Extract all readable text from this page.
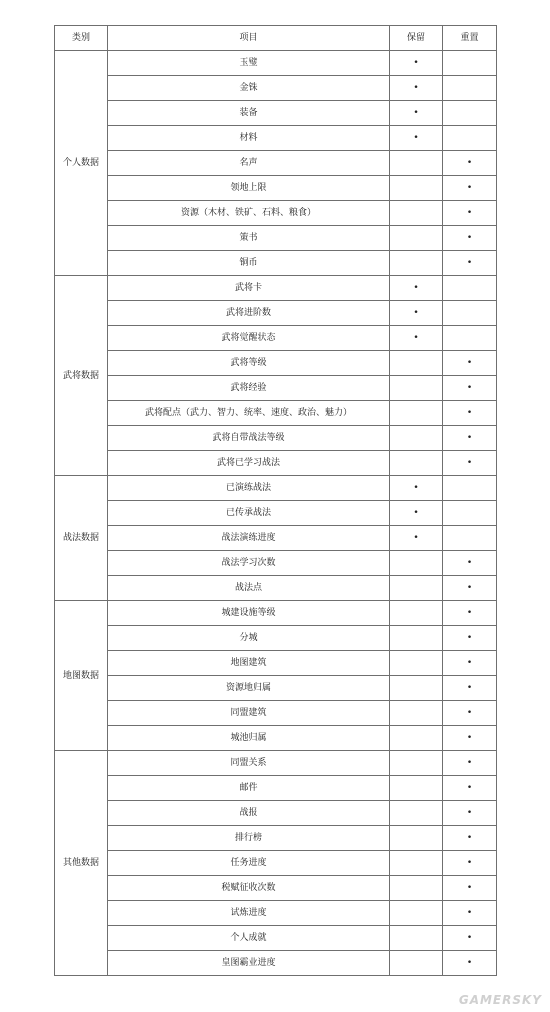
类别	项目	保留	重置
个人数据	玉璧	•	
	金铢	•	
	装备	•	
	材料	•	
	名声		•
	领地上限		•
	资源（木材、铁矿、石料、粮食）		•
	策书		•
	铜币		•
武将数据	武将卡	•	
	武将进阶数	•	
	武将觉醒状态	•	
	武将等级		•
	武将经验		•
	武将配点（武力、智力、统率、速度、政治、魅力）		•
	武将自带战法等级		•
	武将已学习战法		•
战法数据	已演练战法	•	
	已传承战法	•	
	战法演练进度	•	
	战法学习次数		•
	战法点		•
地图数据	城建设施等级		•
	分城		•
	地图建筑		•
	资源地归属		•
	同盟建筑		•
	城池归属		•
其他数据	同盟关系		•
	邮件		•
	战报		•
	排行榜		•
	任务进度		•
	税赋征收次数		•
	试炼进度		•
	个人成就		•
	皇图霸业进度		•
GAMERSKY
